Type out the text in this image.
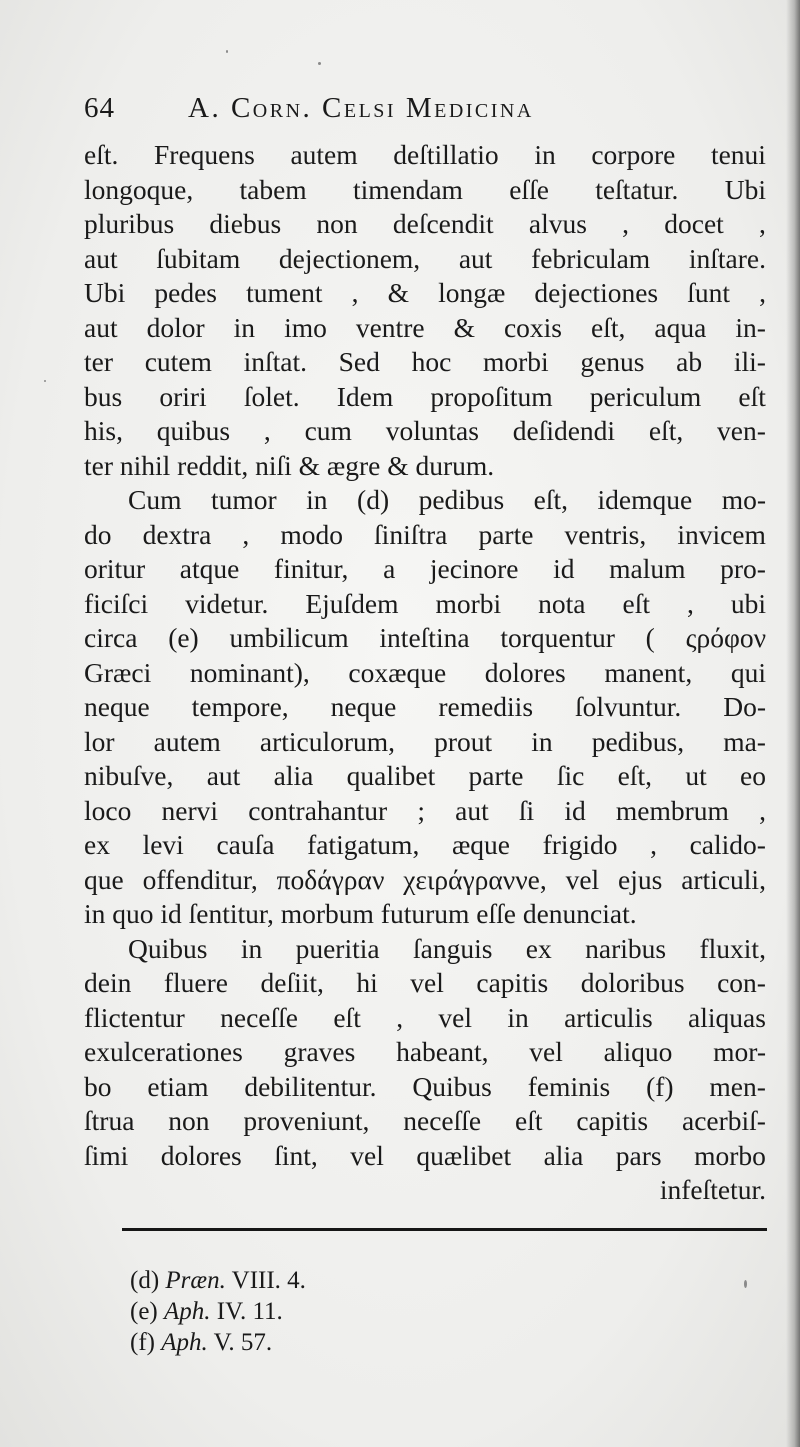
64	A. Corn. Celsi Medicina
eſt. Frequens autem deſtillatio in corpore tenui
longoque, tabem timendam eſſe teſtatur. Ubi
pluribus diebus non deſcendit alvus , docet ,
aut ſubitam dejectionem, aut febriculam inſtare.
Ubi pedes tument , & longæ dejectiones ſunt ,
aut dolor in imo ventre & coxis eſt, aqua in-
ter cutem inſtat. Sed hoc morbi genus ab ili-
bus oriri ſolet. Idem propoſitum periculum eſt
his, quibus , cum voluntas deſidendi eſt, ven-
ter nihil reddit, niſi & ægre & durum.
Cum tumor in (d) pedibus eſt, idemque mo-
do dextra , modo ſiniſtra parte ventris, invicem
oritur atque finitur, a jecinore id malum pro-
ficiſci videtur. Ejuſdem morbi nota eſt , ubi
circa (e) umbilicum inteſtina torquentur ( ςρόφον
Græci nominant), coxæque dolores manent, qui
neque tempore, neque remediis ſolvuntur. Do-
lor autem articulorum, prout in pedibus, ma-
nibuſve, aut alia qualibet parte ſic eſt, ut eo
loco nervi contrahantur ; aut ſi id membrum ,
ex levi cauſa fatigatum, æque frigido , calido-
que offenditur, ποδάγραν χειράγραννe, vel ejus articuli,
in quo id ſentitur, morbum futurum eſſe denunciat.
Quibus in pueritia ſanguis ex naribus fluxit,
dein fluere deſiit, hi vel capitis doloribus con-
flictentur neceſſe eſt , vel in articulis aliquas
exulcerationes graves habeant, vel aliquo mor-
bo etiam debilitentur. Quibus feminis (f) men-
ſtrua non proveniunt, neceſſe eſt capitis acerbiſ-
ſimi dolores ſint, vel quælibet alia pars morbo
infeſtetur.
(d) Præn. VIII. 4.
(e) Aph. IV. 11.
(f) Aph. V. 57.
